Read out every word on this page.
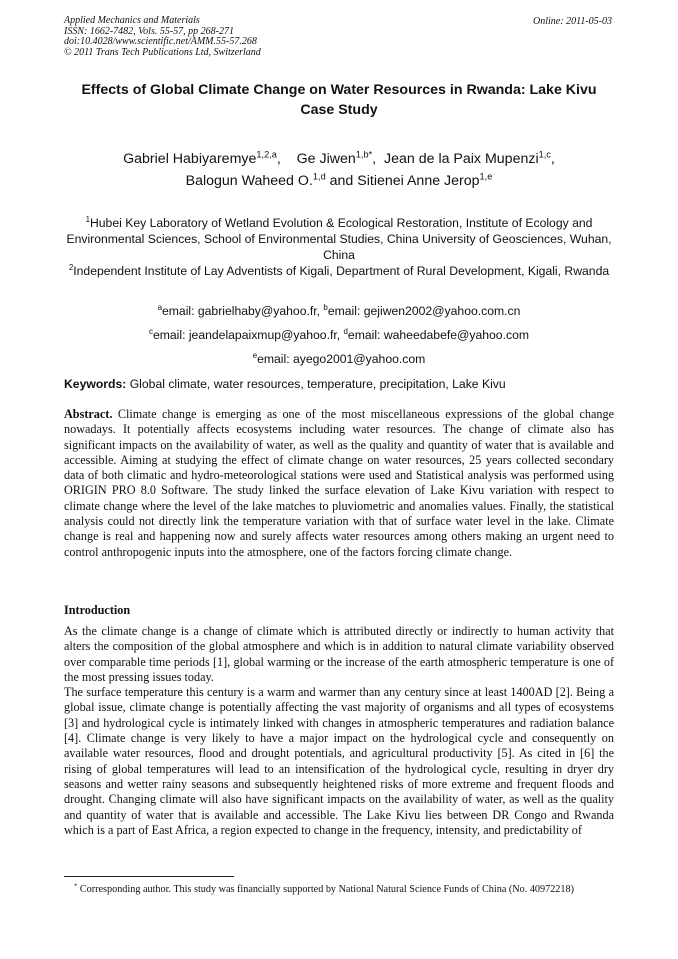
Applied Mechanics and Materials
ISSN: 1662-7482, Vols. 55-57, pp 268-271
doi:10.4028/www.scientific.net/AMM.55-57.268
© 2011 Trans Tech Publications Ltd, Switzerland
Online: 2011-05-03
Effects of Global Climate Change on Water Resources in Rwanda: Lake Kivu Case Study
Gabriel Habiyaremye$^{1,2,a}$, Ge Jiwen$^{1,b*}$, Jean de la Paix Mupenzi$^{1,c}$,
Balogun Waheed O.$^{1,d}$ and Sitienei Anne Jerop$^{1,e}$
$^1$Hubei Key Laboratory of Wetland Evolution & Ecological Restoration, Institute of Ecology and Environmental Sciences, School of Environmental Studies, China University of Geosciences, Wuhan, China
$^2$Independent Institute of Lay Adventists of Kigali, Department of Rural Development, Kigali, Rwanda
$^a$email: gabrielhaby@yahoo.fr, $^b$email: gejiwen2002@yahoo.com.cn
$^c$email: jeandelapaixmup@yahoo.fr, $^d$email: waheedabefe@yahoo.com
$^e$email: ayego2001@yahoo.com
Keywords: Global climate, water resources, temperature, precipitation, Lake Kivu
Abstract. Climate change is emerging as one of the most miscellaneous expressions of the global change nowadays. It potentially affects ecosystems including water resources. The change of climate also has significant impacts on the availability of water, as well as the quality and quantity of water that is available and accessible. Aiming at studying the effect of climate change on water resources, 25 years collected secondary data of both climatic and hydro-meteorological stations were used and Statistical analysis was performed using ORIGIN PRO 8.0 Software. The study linked the surface elevation of Lake Kivu variation with respect to climate change where the level of the lake matches to pluviometric and anomalies values. Finally, the statistical analysis could not directly link the temperature variation with that of surface water level in the lake. Climate change is real and happening now and surely affects water resources among others making an urgent need to control anthropogenic inputs into the atmosphere, one of the factors forcing climate change.
Introduction

As the climate change is a change of climate which is attributed directly or indirectly to human activity that alters the composition of the global atmosphere and which is in addition to natural climate variability observed over comparable time periods [1], global warming or the increase of the earth atmospheric temperature is one of the most pressing issues today.

The surface temperature this century is a warm and warmer than any century since at least 1400AD [2]. Being a global issue, climate change is potentially affecting the vast majority of organisms and all types of ecosystems [3] and hydrological cycle is intimately linked with changes in atmospheric temperatures and radiation balance [4]. Climate change is very likely to have a major impact on the hydrological cycle and consequently on available water resources, flood and drought potentials, and agricultural productivity [5]. As cited in [6] the rising of global temperatures will lead to an intensification of the hydrological cycle, resulting in dryer dry seasons and wetter rainy seasons and subsequently heightened risks of more extreme and frequent floods and drought. Changing climate will also have significant impacts on the availability of water, as well as the quality and quantity of water that is available and accessible. The Lake Kivu lies between DR Congo and Rwanda which is a part of East Africa, a region expected to change in the frequency, intensity, and predictability of

* Corresponding author. This study was financially supported by National Natural Science Funds of China (No. 40972218)
